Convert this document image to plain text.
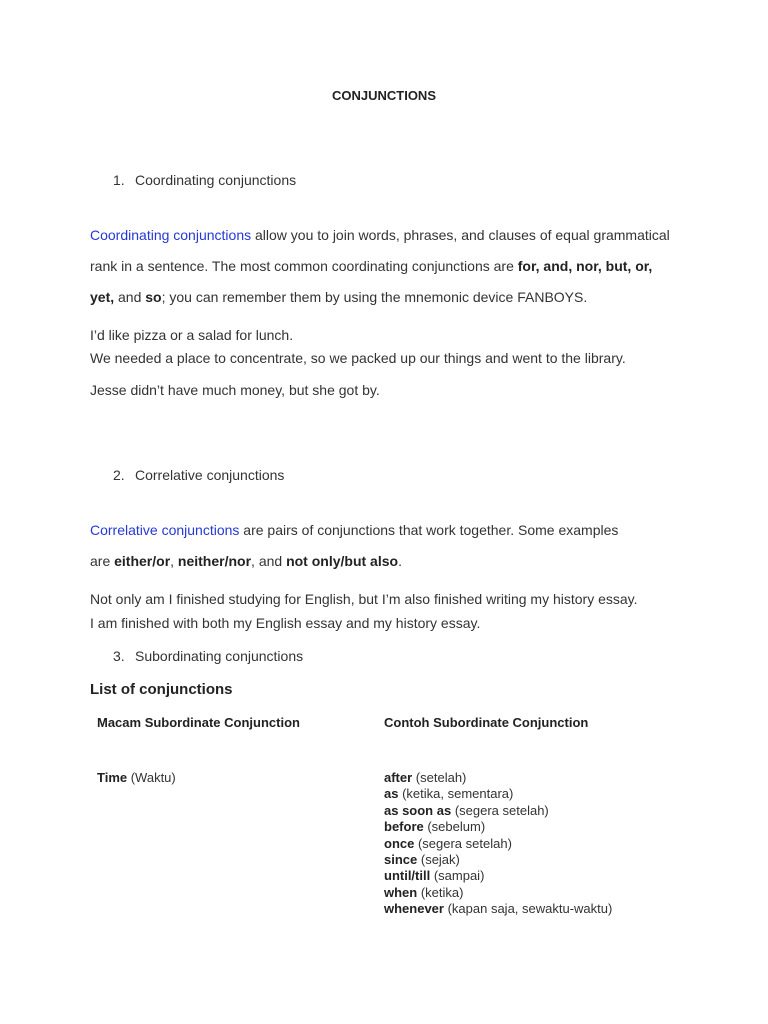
CONJUNCTIONS
1. Coordinating conjunctions
Coordinating conjunctions allow you to join words, phrases, and clauses of equal grammatical
rank in a sentence. The most common coordinating conjunctions are for, and, nor, but, or,
yet, and so; you can remember them by using the mnemonic device FANBOYS.
I’d like pizza or a salad for lunch.
We needed a place to concentrate, so we packed up our things and went to the library.
Jesse didn’t have much money, but she got by.
2. Correlative conjunctions
Correlative conjunctions are pairs of conjunctions that work together. Some examples
are either/or, neither/nor, and not only/but also.
Not only am I finished studying for English, but I’m also finished writing my history essay.
I am finished with both my English essay and my history essay.
3. Subordinating conjunctions
List of conjunctions
Macam Subordinate Conjunction	Contoh Subordinate Conjunction
Time (Waktu)	after (setelah)
as (ketika, sementara)
as soon as (segera setelah)
before (sebelum)
once (segera setelah)
since (sejak)
until/till (sampai)
when (ketika)
whenever (kapan saja, sewaktu-waktu)
